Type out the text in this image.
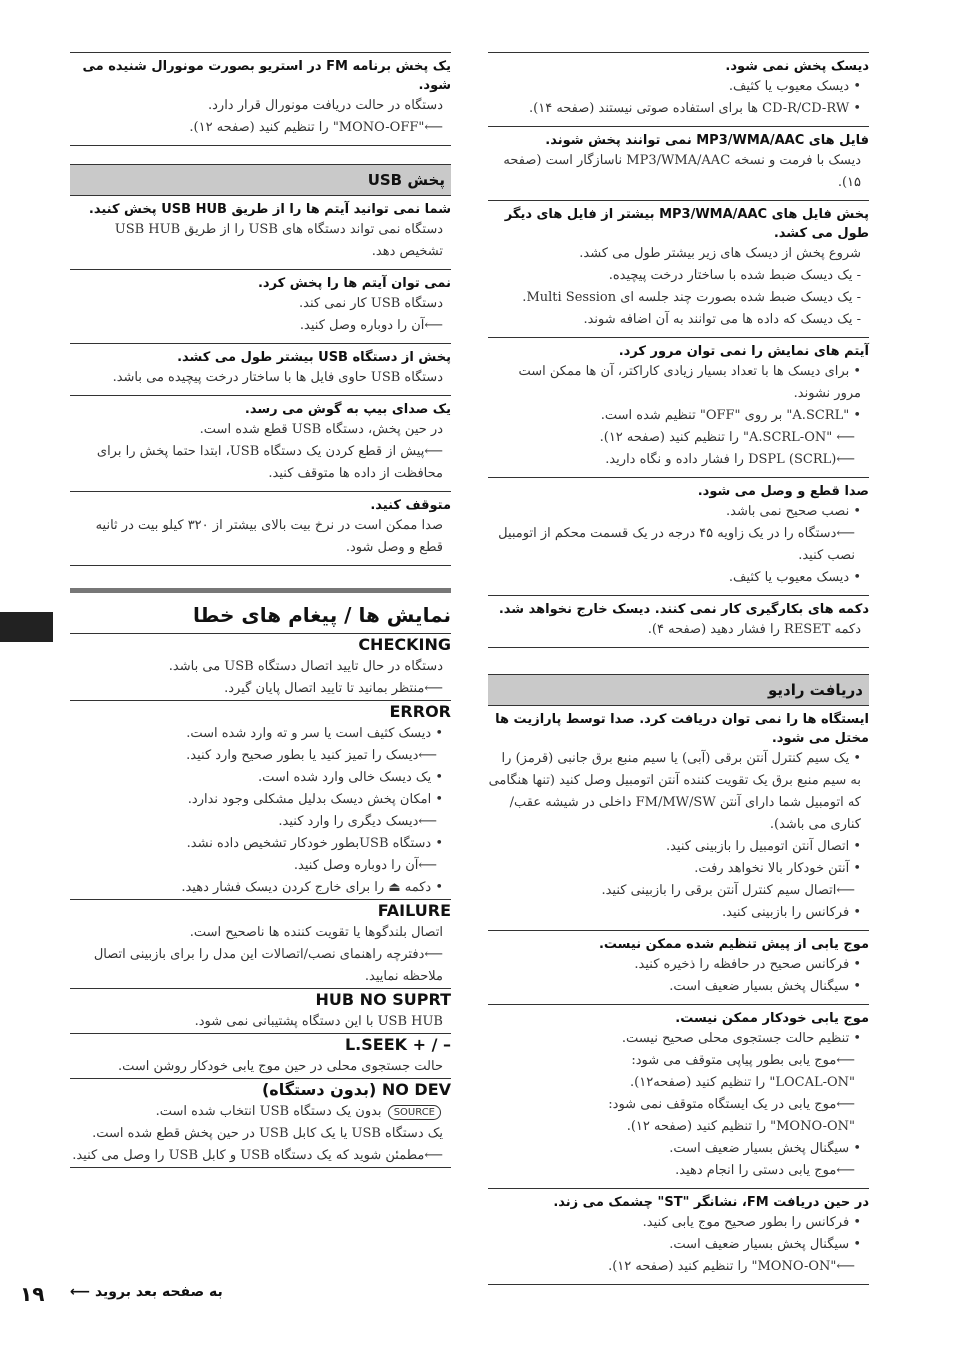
یک پخش برنامه FM در استریو بصورت مونورال شنیده می شود.
دستگاه در حالت دریافت مونورال قرار دارد.
⟵"MONO-OFF" را تنظیم کنید (صفحه ۱۲).
پخش USB
شما نمی توانید آیتم ها را از طریق USB HUB پخش کنید.
دستگاه نمی تواند دستگاه های USB را از طریق USB HUB تشخیص دهد.
نمی توان آیتم ها را پخش کرد.
دستگاه USB کار نمی کند.
⟵آن را دوباره وصل کنید.
پخش از دستگاه USB بیشتر طول می کشد.
دستگاه USB حاوی فایل ها با ساختار درخت پیچیده می باشد.
یک صدای بیپ به گوش می رسد.
در حین پخش، دستگاه USB قطع شده است.
⟵پیش از قطع کردن یک دستگاه USB، ابتدا حتما پخش را برای محافظت از داده ها متوقف کنید.
متوقف کنید.
صدا ممکن است در نرخ بیت بالای بیشتر از ۳۲۰ کیلو بیت در ثانیه قطع و وصل شود.
نمایش ها / پیغام های خطا
CHECKING
دستگاه در حال تایید اتصال دستگاه USB می باشد.
⟵منتظر بمانید تا تایید اتصال پایان گیرد.
ERROR
• دیسک کثیف است یا سر و ته وارد شده است.
⟵دیسک را تمیز کنید یا بطور صحیح وارد کنید.
• یک دیسک خالی وارد شده است.
• امکان پخش دیسک بدلیل مشکلی وجود ندارد.
⟵دیسک دیگری را وارد کنید.
• دستگاه USBبطور خودکار تشخیص داده نشد.
⟵آن را دوباره وصل کنید.
• دکمه ⏏ را برای خارج کردن دیسک فشار دهید.
FAILURE
اتصال بلندگوها یا تقویت کننده ها ناصحیح است.
⟵دفترچه راهنمای نصب/اتصالات این مدل را برای بازبینی اتصال ملاحظه نمایید.
HUB NO SUPRT
USB HUB با این دستگاه پشتیبانی نمی شود.
L.SEEK + / –
حالت جستجوی محلی در حین موج یابی خودکار روشن است.
NO DEV (بدون دستگاه)
SOURCE بدون یک دستگاه USB انتخاب شده است.
یک دستگاه USB یا یک کابل USB در حین پخش قطع شده است.
⟵مطمئن شوید که یک دستگاه USB و کابل USB را وصل می کنید.
دیسک پخش نمی شود.
• دیسک معیوب یا کثیف.
• CD-R/CD-RW ها برای استفاده صوتی نیستند (صفحه ۱۴).
فایل های MP3/WMA/AAC نمی توانند پخش شوند.
دیسک با فرمت و نسخه MP3/WMA/AAC ناسازگار است (صفحه ۱۵).
پخش فایل های MP3/WMA/AAC بیشتر از فایل های دیگر طول می کشد.
شروع پخش از دیسک های زیر بیشتر طول می کشد.
- یک دیسک ضبط شده با ساختار درخت پیچیده.
- یک دیسک ضبط شده بصورت چند جلسه ای Multi Session.
- یک دیسک که داده ها می توانند به آن اضافه شوند.
آیتم های نمایش را نمی توان مرور کرد.
• برای دیسک ها با تعداد بسیار زیادی کاراکتر، آن ها ممکن است مرور نشوند.
• "A.SCRL" بر روی "OFF" تنظیم شده است.
⟵ "A.SCRL-ON" را تنظیم کنید (صفحه ۱۲).
⟵(SCRL) DSPL را فشار داده و نگاه دارید.
صدا قطع و وصل می شود.
• نصب صحیح نمی باشد.
⟵دستگاه را در یک زاویه ۴۵ درجه در یک قسمت محکم از اتومبیل نصب کنید.
• دیسک معیوب یا کثیف.
دکمه های بکارگیری کار نمی کنند. دیسک خارج نخواهد شد.
دکمه RESET را فشار دهید (صفحه ۴).
دریافت رادیو
ایستگاه ها را نمی توان دریافت کرد. صدا توسط پارازیت ها مختل می شود.
• یک سیم کنترل آنتن برقی (آبی) یا سیم منبع برق جانبی (قرمز) را به سیم منبع برق یک تقویت کننده آنتن اتومبیل وصل کنید (تنها هنگامی که اتومبیل شما دارای آنتن FM/MW/SW داخلی در شیشه عقب/کناری می باشد).
• اتصال آنتن اتومبیل را بازبینی کنید.
• آنتن خودکار بالا نخواهد رفت.
⟵اتصال سیم کنترل آنتن برقی را بازبینی کنید.
• فرکانس را بازبینی کنید.
موج یابی از پیش تنظیم شده ممکن نیست.
• فرکانس صحیح در حافظه را ذخیره کنید.
• سیگنال پخش بسیار ضعیف است.
موج یابی خودکار ممکن نیست.
• تنظیم حالت جستجوی محلی صحیح نیست.
⟵موج یابی بطور پیاپی متوقف می شود:
"LOCAL-ON" را تنظیم کنید (صفحه۱۲).
⟵موج یابی در یک ایستگاه متوقف نمی شود:
"MONO-ON" را تنظیم کنید (صفحه ۱۲).
• سیگنال پخش بسیار ضعیف است.
⟵موج یابی دستی را انجام دهید.
در حین دریافت FM، نشانگر "ST" چشمک می زند.
• فرکانس را بطور صحیح موج یابی کنید.
• سیگنال پخش بسیار ضعیف است.
⟵"MONO-ON" را تنظیم کنید (صفحه ۱۲).
۱۹ به صفحه بعد بروید ⟵
